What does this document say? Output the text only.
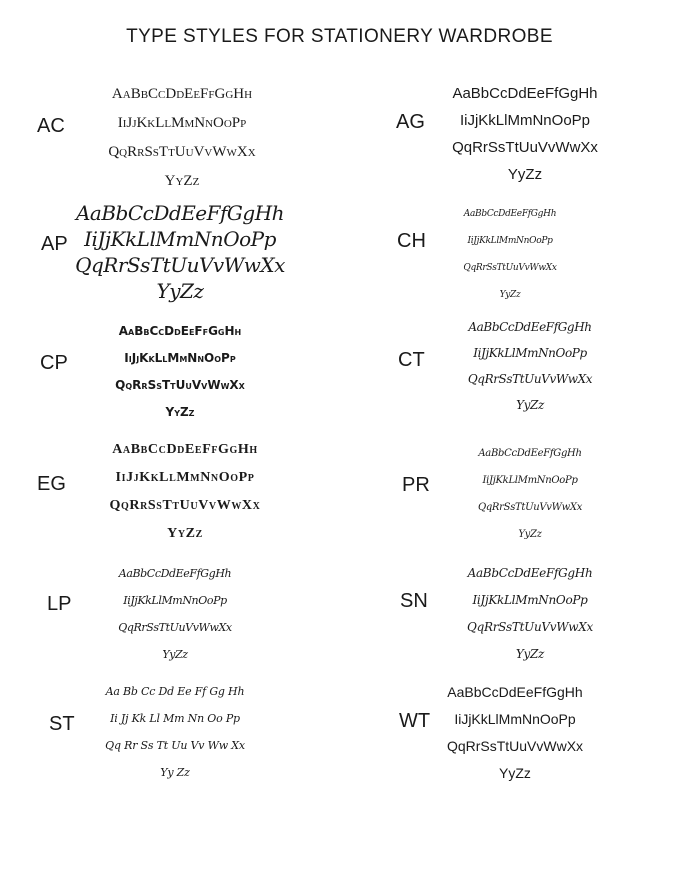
TYPE STYLES FOR STATIONERY WARDROBE
AC
AaBbCcDdEeFfGgHh
IiJjKkLlMmNnOoPp
QqRrSsTtUuVvWwXx
YyZz
AG
AaBbCcDdEeFfGgHh
IiJjKkLlMmNnOoPp
QqRrSsTtUuVvWwXx
YyZz
AP
AaBbCcDdEeFfGgHh
IiJjKkLlMmNnOoPp
QqRrSsTtUuVvWwXx
YyZz
CH
AaBbCcDdEeFfGgHh
IiJjKkLlMmNnOoPp
QqRrSsTtUuVvWwXx
YyZz
CP
AaBbCcDdEeFfGgHh
IiJjKkLlMmNnOoPp
QqRrSsTtUuVvWwXx
YyZz
CT
AaBbCcDdEeFfGgHh
IiJjKkLlMmNnOoPp
QqRrSsTtUuVvWwXx
YyZz
EG
AaBbCcDdEeFfGgHh
IiJjKkLlMmNnOoPp
QqRrSsTtUuVvWwXx
YyZz
PR
AaBbCcDdEeFfGgHh
IiJjKkLlMmNnOoPp
QqRrSsTtUuVvWwXx
YyZz
LP
AaBbCcDdEeFfGgHh
IiJjKkLlMmNnOoPp
QqRrSsTtUuVvWwXx
YyZz
SN
AaBbCcDdEeFfGgHh
IiJjKkLlMmNnOoPp
QqRrSsTtUuVvWwXx
YyZz
ST
Aa Bb Cc Dd Ee Ff Gg Hh
Ii Jj Kk Ll Mm Nn Oo Pp
Qq Rr Ss Tt Uu Vv Ww Xx
Yy Zz
WT
AaBbCcDdEeFfGgHh
IiJjKkLlMmNnOoPp
QqRrSsTtUuVvWwXx
YyZz
